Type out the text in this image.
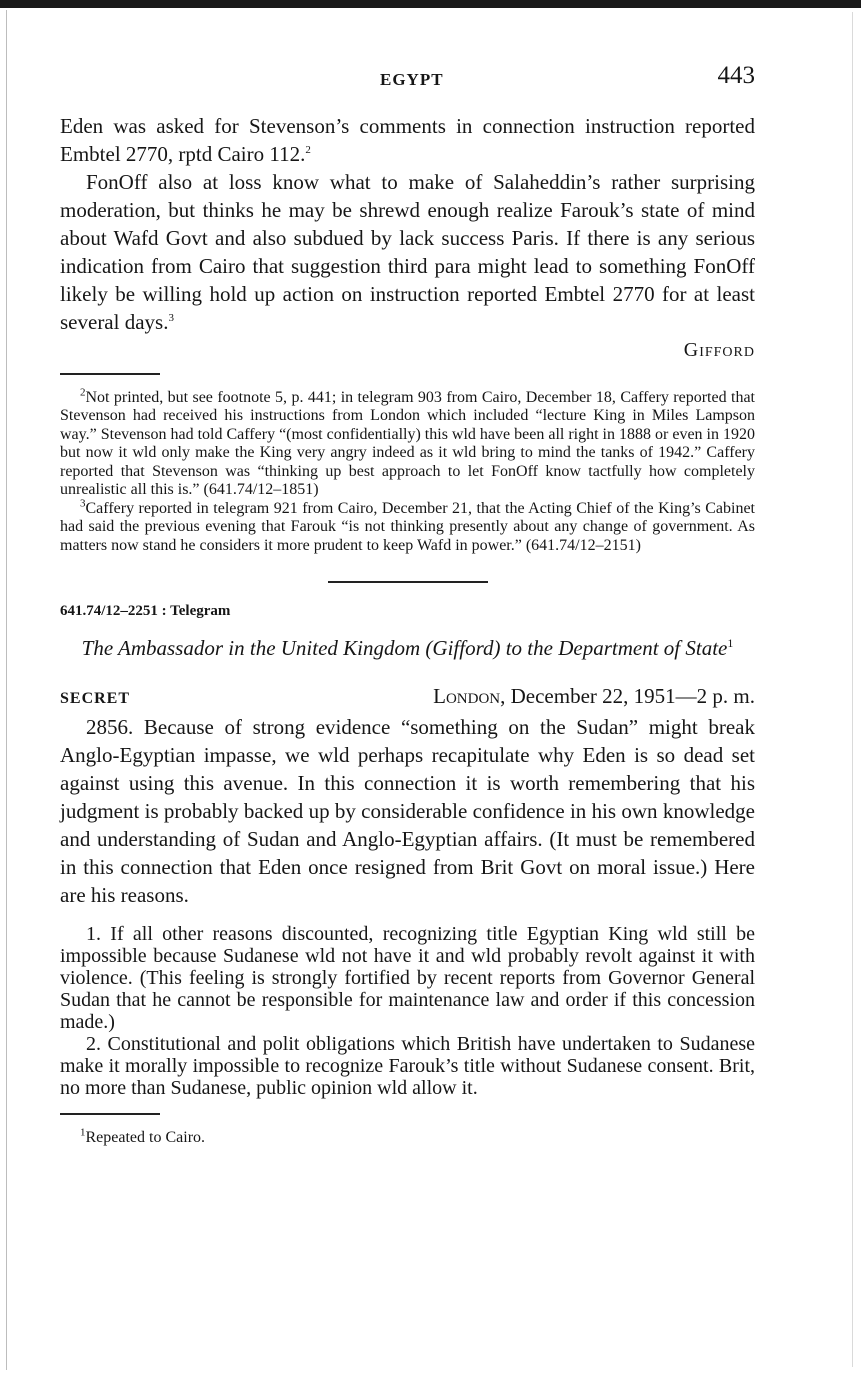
EGYPT	443

Eden was asked for Stevenson’s comments in connection instruction reported Embtel 2770, rptd Cairo 112.$^2$

FonOff also at loss know what to make of Salaheddin’s rather surprising moderation, but thinks he may be shrewd enough realize Farouk’s state of mind about Wafd Govt and also subdued by lack success Paris. If there is any serious indication from Cairo that suggestion third para might lead to something FonOff likely be willing hold up action on instruction reported Embtel 2770 for at least several days.$^3$

Gifford

$^2$Not printed, but see footnote 5, p. 441; in telegram 903 from Cairo, December 18, Caffery reported that Stevenson had received his instructions from London which included “lecture King in Miles Lampson way.” Stevenson had told Caffery “(most confidentially) this wld have been all right in 1888 or even in 1920 but now it wld only make the King very angry indeed as it wld bring to mind the tanks of 1942.” Caffery reported that Stevenson was “thinking up best approach to let FonOff know tactfully how completely unrealistic all this is.” (641.74/12–1851)

$^3$Caffery reported in telegram 921 from Cairo, December 21, that the Acting Chief of the King’s Cabinet had said the previous evening that Farouk “is not thinking presently about any change of government. As matters now stand he considers it more prudent to keep Wafd in power.” (641.74/12–2151)

641.74/12–2251 : Telegram
The Ambassador in the United Kingdom (Gifford) to the Department of State$^1$
SECRET	London, December 22, 1951—2 p. m.

2856. Because of strong evidence “something on the Sudan” might break Anglo-Egyptian impasse, we wld perhaps recapitulate why Eden is so dead set against using this avenue. In this connection it is worth remembering that his judgment is probably backed up by considerable confidence in his own knowledge and understanding of Sudan and Anglo-Egyptian affairs. (It must be remembered in this connection that Eden once resigned from Brit Govt on moral issue.) Here are his reasons.

1. If all other reasons discounted, recognizing title Egyptian King wld still be impossible because Sudanese wld not have it and wld probably revolt against it with violence. (This feeling is strongly fortified by recent reports from Governor General Sudan that he cannot be responsible for maintenance law and order if this concession made.)

2. Constitutional and polit obligations which British have undertaken to Sudanese make it morally impossible to recognize Farouk’s title without Sudanese consent. Brit, no more than Sudanese, public opinion wld allow it.

$^1$Repeated to Cairo.
